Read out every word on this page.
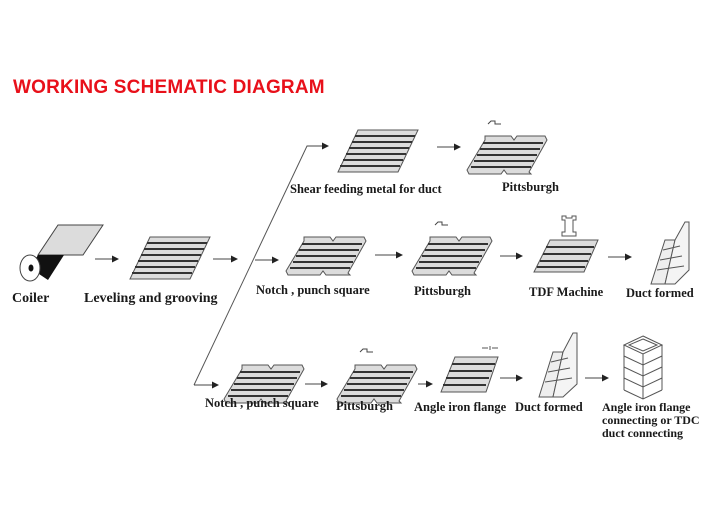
WORKING SCHEMATIC DIAGRAM
Coiler Leveling and grooving
Shear feeding metal for duct	Pittsburgh
Notch , punch square	Pittsburgh	TDF Machine Duct formed
Notch , punch square Pittsburgh Angle iron flange Duct formed Angle iron flange connecting or TDC duct connecting
